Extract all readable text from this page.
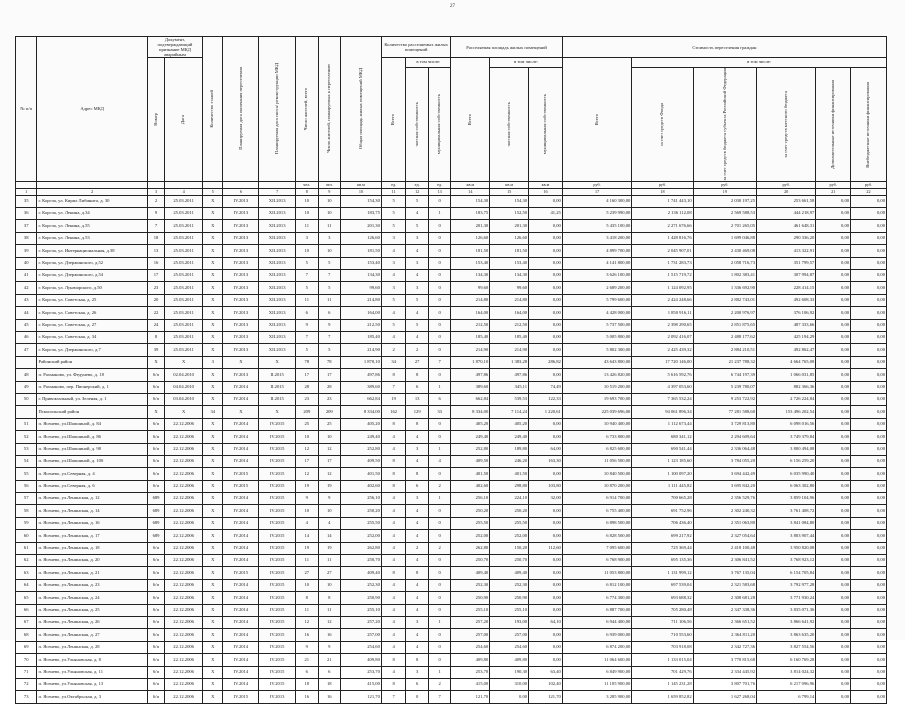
27
№ п/п	Адрес МКД	Документ, подтверждающий признание МКД аварийным		Количество этажей	Планируемая дата окончания переселения	Планируемая дата сноса/ реконструкции МКД	Число жителей, всего	Число жителей, планируемых к переселению	Общая площадь жилых помещений МКД	Количество расселяемых жилых помещений			Расселяемая площадь жилых помещений			Стоимость переселения граждан					

		Номер	Дата							Всего	в том числе:		Всего	в том числе:		Всего	в том числе:				

											частная собственность	муниципальная собственность		частная собственность	муниципальная собственность		за счет средств Фонда	за счет средств бюджета субъекта Российской Федерации	за счет средств местного бюджета	Дополнительные источники финансирования	Внебюджетные источники финансирования

							чел.	чел.	кв.м	ед.	ед.	ед.	кв.м	кв.м	кв.м	руб.	руб.	руб.	руб.	руб.	руб.
1	2	3	4	5	6	7	8	9	10	11	12	13	14	15	16	17	18	19	20	21	22
35	г. Корсча, ул. Кирил Либиннта, д. 30	2	25.03.2011	Х	IV.2013	XII.2013	10	10	154,30	5	5	0	154,30	154,30	0,00	4 160 300,00	1 741 443,10	2 030 197,25	253 661,58	0,00	0,00
36	г. Корсча, ул. Ленина, д.34	9	25.03.2011	Х	IV.2013	XII.2013	10	10	183,75	5	4	1	183,75	152,50	41,25	5 239 990,00	2 136 112,08	2 569 588,53	444 218,97	0,00	0,00
37	г. Корсча, ул. Ленина, д.55	7	25.03.2011	Х	IV.2013	XII.2013	11	11	201,30	5	5	0	201,30	201,30	0,00	5 435 100,00	2 271 676,66	2 701 265,05	461 648,31	0,00	0,00
38	г. Корсча, ул. Ленина, д.53	18	25.03.2011	Х	IV.2013	XII.2013	3	3	126,60	3	3	0	126,60	126,60	0,00	3 418 200,00	1 428 816,76	1 699 046,88	290 336,20	0,00	0,00
39	г. Корсча, ул. Интернациональная, д.38	13	25.03.2011	Х	IV.2013	XII.2013	10	10	181,50	4	4	0	181,50	181,50	0,00	4 899 700,00	2 045 907,01	2 430 469,08	413 322,91	0,00	0,00
40	г. Корсча, ул. Дзержинского, д.52	16	25.03.2011	Х	IV.2013	XII.2013	5	5	153,40	3	3	0	153,40	153,40	0,00	4 141 800,00	1 731 283,73	2 058 716,73	351 799,57	0,00	0,00
41	г. Корсча, ул. Дзержинского, д.54	17	25.03.2011	Х	IV.2013	XII.2013	7	7	134,30	4	4	0	134,30	134,30	0,00	3 626 100,00	1 515 719,72	1 802 383,41	307 994,87	0,00	0,00
42	г. Корсча, ул. Луначарского, д.50	23	25.03.2011	Х	IV.2013	XII.2013	5	5	99,60	3	3	0	99,60	99,60	0,00	2 689 200,00	1 124 092,95	1 336 692,90	228 414,15	0,00	0,00
43	г. Корсча, ул. Советская, д. 25	20	25.03.2011	Х	IV.2013	XII.2013	11	11	214,80	5	5	0	214,80	214,80	0,00	5 799 600,00	2 424 248,66	2 882 743,01	492 608,33	0,00	0,00
44	г. Корсча, ул. Советская, д. 26	22	25.03.2011	Х	IV.2013	XII.2013	6	6	164,00	4	4	0	164,00	164,00	0,00	4 428 000,00	1 850 916,11	2 200 976,97	376 106,92	0,00	0,00
45	г. Корсча, ул. Советская, д. 27	24	25.03.2011	Х	IV.2013	XII.2013	9	9	212,50	5	5	0	212,50	212,50	0,00	5 737 500,00	2 398 290,65	2 851 875,65	487 333,66	0,00	0,00
46	г. Корсча, ул. Советская, д. 34	8	25.03.2011	Х	IV.2013	XII.2013	7	7	185,40	4	4	0	185,40	185,40	0,00	5 005 800,00	2 092 416,07	2 488 177,62	425 194,29	0,00	0,00
47	г. Корсча, ул. Дзержинского, д.7	39	25.03.2011	Х	IV.2013	XII.2013	5	5	214,90	2	2	0	214,90	214,90	0,00	5 802 300,00	2 425 439,32	2 884 210,51	492 862,47	0,00	0,00
	Районский район	Х	Х	3	Х	Х	78	78	1 870,10	34	27	7	1 870,10	1 383,28	286,82	43 643 800,00	17 720 146,00	21 237 788,32	4 664 765,08	0,00	0,00
48	п. Рахманово, ул. Федунево, д. 18	6/п	02.04.2010	Х	IV.2013	II.2015	17	17	497,86	8	8	0	497,86	497,86	0,00	13 426 820,00	5 616 592,76	6 744 197,39	1 066 031,85	0,00	0,00
49	п. Рахманово, пер. Пионерский, д. 1	6/п	04.04.2010	Х	IV.2014	II.2015	28	28	389,60	7	6	1	389,60	345,11	74,49	10 519 200,00	4 397 053,60	5 239 780,07	882 366,36	0,00	0,00
50	г. Привокзальный, ул. Зеленая, д. 1	6/п	03.04.2010	Х	IV.2014	II.2015	23	23	662,84	19	13	6	662,84	539,53	122,33	19 693 700,00	7 365 532,24	9 253 722,92	2 726 224,84	0,00	0,00
	Пскопольский район	Х	Х	34	Х	Х	209	209	8 334,00	162	129	33	8 334,00	7 114,24	1 220,61	225 039 696,00	94 061 896,34	77 281 588,60	153 496 202,54	0,00	0,00
51	п. Ясенево, ул.Шапшиной, д. 84	6/п	22.12.2006	Х	IV.2014	IV.2015	25	25	405,20	8	8	0	405,20	405,20	0,00	10 940 400,00	1 112 673,44	3 729 813,80	6 098 016,56	0,00	0,00
52	п. Ясенево, ул.Шапшиной, д. 86	6/п	22.12.2006	Х	IV.2014	IV.2015	10	10	249,40	4	4	0	249,40	249,40	0,00	6 733 800,00	680 341,12	2 294 609,64	3 749 379,84	0,00	0,00
53	п. Ясенево, ул.Шапшиной, д. 98	6/п	22.12.2006	Х	IV.2014	IV.2015	12	12	252,80	4	3	1	252,80	189,80	64,00	6 825 600,00	690 541,44	2 336 064,48	3 800 494,08	0,00	0,00
54	п. Ясенево, ул.Шапшиной, д. 100	6/п	22.12.2006	Х	IV.2014	IV.2015	17	17	409,50	8	4	4	409,50	246,20	163,30	11 056 500,00	1 123 185,60	3 784 055,20	6 156 259,20	0,00	0,00
55	п. Ясенево, ул.Северная, д. 4	6/п	22.12.2006	Х	IV.2015	IV.2015	12	12	401,50	8	8	0	401,50	401,50	0,00	10 840 500,00	1 100 097,20	3 694 442,49	6 035 990,40	0,00	0,00
56	п. Ясенево, ул.Северная, д. 6	6/п	22.12.2006	Х	IV.2015	IV.2015	19	19	402,60	8	6	2	402,60	298,80	103,80	10 870 200,00	1 111 445,82	3 695 842,20	6 063 302,80	0,00	0,00
57	п. Ясенево, ул.Ленинская, д. 12	689	22.12.2006	Х	IV.2014	IV.2015	9	9	256,10	4	3	1	256,10	224,10	32,00	6 914 700,00	700 665,28	2 356 529,76	3 859 104,96	0,00	0,00
58	п. Ясенево, ул.Ленинская, д. 14	689	22.12.2006	Х	IV.2014	IV.2015	10	10	250,20	4	4	0	250,20	250,20	0,00	6 755 400,00	691 752,96	2 302 240,32	3 761 408,72	0,00	0,00
59	п. Ясенево, ул.Ленинская, д. 16	689	22.12.2006	Х	IV.2014	IV.2015	4	4	255,50	4	4	0	255,50	255,50	0,00	6 898 500,00	706 436,40	2 351 063,80	3 841 084,80	0,00	0,00
60	п. Ясенево, ул.Ленинская, д. 17	689	22.12.2006	Х	IV.2014	IV.2015	14	14	252,00	4	4	0	252,00	252,00	0,00	6 828 500,00	699 217,92	2 327 054,64	3 803 907,44	0,00	0,00
61	п. Ясенево, ул.Ленинская, д. 18	6/п	22.12.2006	Х	IV.2014	IV.2015	19	19	262,80	4	2	2	262,80	150,20	112,60	7 095 600,00	725 369,44	2 418 100,48	3 950 820,08	0,00	0,00
62	п. Ясенево, ул.Ленинская, д. 20	6/п	22.12.2006	Х	IV.2014	IV.2015	11	11	250,70	4	4	0	250,70	250,70	0,00	6 768 900,00	695 135,36	2 306 841,52	3 768 923,12	0,00	0,00
63	п. Ясенево, ул.Ленинская, д. 21	6/п	22.12.2006	Х	IV.2015	IV.2015	27	27	409,40	8	8	0	409,40	409,40	0,00	11 053 800,00	1 131 999,12	3 767 135,04	6 154 705,84	0,00	0,00
64	п. Ясенево, ул.Ленинская, д. 23	6/п	22.12.2006	Х	IV.2014	IV.2015	10	10	252,30	4	4	0	252,30	252,30	0,00	6 812 100,00	697 539,04	2 321 583,68	3 792 977,28	0,00	0,00
65	п. Ясенево, ул.Ленинская, д. 24	6/п	22.12.2006	Х	IV.2014	IV.2015	8	8	250,90	4	4	0	250,90	250,90	0,00	6 774 300,00	693 688,32	2 308 681,28	3 771 930,24	0,00	0,00
66	п. Ясенево, ул.Ленинская, д. 25	6/п	22.12.2006	Х	IV.2014	IV.2015	11	11	255,10	4	4	0	255,10	255,10	0,00	6 887 700,00	705 280,48	2 347 338,36	3 835 071,36	0,00	0,00
67	п. Ясенево, ул.Ленинская, д. 26	6/п	22.12.2006	Х	IV.2014	IV.2015	12	12	257,20	4	3	1	257,20	193,00	64,10	6 944 400,00	711 106,56	2 366 651,52	3 866 641,92	0,00	0,00
68	п. Ясенево, ул.Ленинская, д. 27	6/п	22.12.2006	Х	IV.2014	IV.2015	16	16	257,00	4	4	0	257,00	257,00	0,00	6 939 000,00	710 553,60	2 364 811,20	3 863 635,20	0,00	0,00
69	п. Ясенево, ул.Ленинская, д. 28	6/п	22.12.2006	Х	IV.2014	IV.2015	9	9	254,60	4	4	0	254,60	254,60	0,00	6 874 200,00	703 918,08	2 342 727,36	3 827 554,56	0,00	0,00
70	п. Ясенево, ул.Ульяновская, д. 8	6/п	22.12.2006	Х	IV.2014	IV.2015	21	21	409,80	8	8	0	409,80	409,80	0,00	11 064 600,00	1 133 015,04	3 770 815,68	6 160 769,28	0,00	0,00
71	п. Ясенево, ул.Ульяновская, д. 11	6/п	22.12.2006	Х	IV.2014	IV.2015	6	6	253,70	4	3	1	253,70	190,30	63,40	6 849 900,00	701 429,76	2 334 445,92	3 814 024,32	0,00	0,00
72	п. Ясенево, ул.Ульяновская, д. 13	6/п	22.12.2006	Х	IV.2014	IV.2015	18	18	415,00	8	6	2	415,00	310,00	102,40	11 105 900,00	1 145 231,28	3 807 701,76	6 217 096,96	0,00	0,00
73	п. Ясенево, ул.Октябрьская, д. 3	6/п	22.12.2006	Х	IV.2015	IV.2013	16	16	121,70	7	0	7	121,70	0,00	121,70	3 285 900,00	1 659 852,82	1 627 268,04	6 799,14	0,00	0,00
